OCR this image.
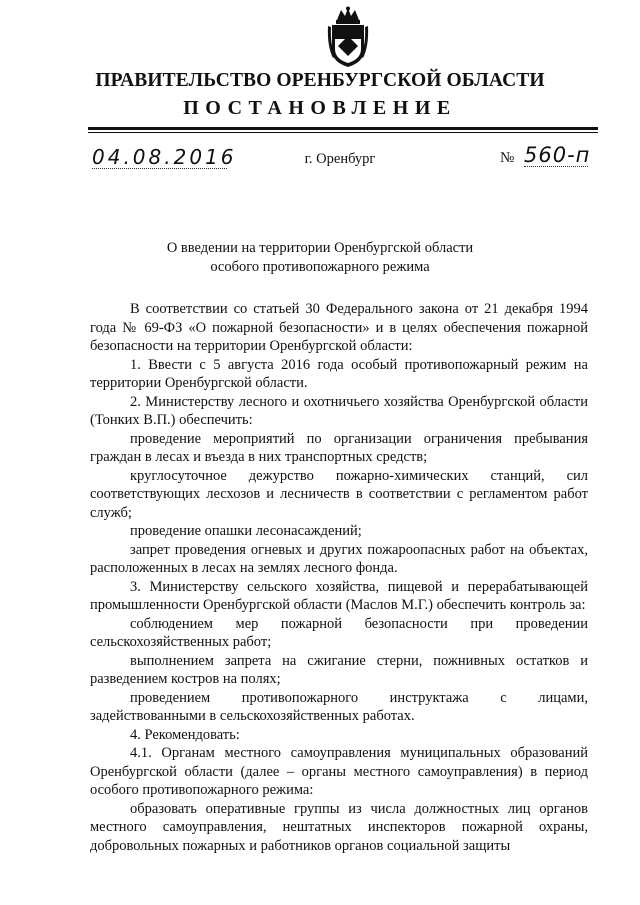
ПРАВИТЕЛЬСТВО ОРЕНБУРГСКОЙ ОБЛАСТИ
ПОСТАНОВЛЕНИЕ
04.08.2016	г. Оренбург	№ 560-п
О введении на территории Оренбургской области
особого противопожарного режима

В соответствии со статьей 30 Федерального закона от 21 декабря 1994 года № 69-ФЗ «О пожарной безопасности» и в целях обеспечения пожарной безопасности на территории Оренбургской области:

1. Ввести с 5 августа 2016 года особый противопожарный режим на территории Оренбургской области.

2. Министерству лесного и охотничьего хозяйства Оренбургской области (Тонких В.П.) обеспечить:

проведение мероприятий по организации ограничения пребывания граждан в лесах и въезда в них транспортных средств;

круглосуточное дежурство пожарно-химических станций, сил соответствующих лесхозов и лесничеств в соответствии с регламентом работ служб;

проведение опашки лесонасаждений;

запрет проведения огневых и других пожароопасных работ на объектах, расположенных в лесах на землях лесного фонда.

3. Министерству сельского хозяйства, пищевой и перерабатывающей промышленности Оренбургской области (Маслов М.Г.) обеспечить контроль за:

соблюдением мер пожарной безопасности при проведении сельскохозяйственных работ;

выполнением запрета на сжигание стерни, пожнивных остатков и разведением костров на полях;

проведением противопожарного инструктажа с лицами, задействованными в сельскохозяйственных работах.

4. Рекомендовать:

4.1. Органам местного самоуправления муниципальных образований Оренбургской области (далее – органы местного самоуправления) в период особого противопожарного режима:

образовать оперативные группы из числа должностных лиц органов местного самоуправления, нештатных инспекторов пожарной охраны, добровольных пожарных и работников органов социальной защиты
